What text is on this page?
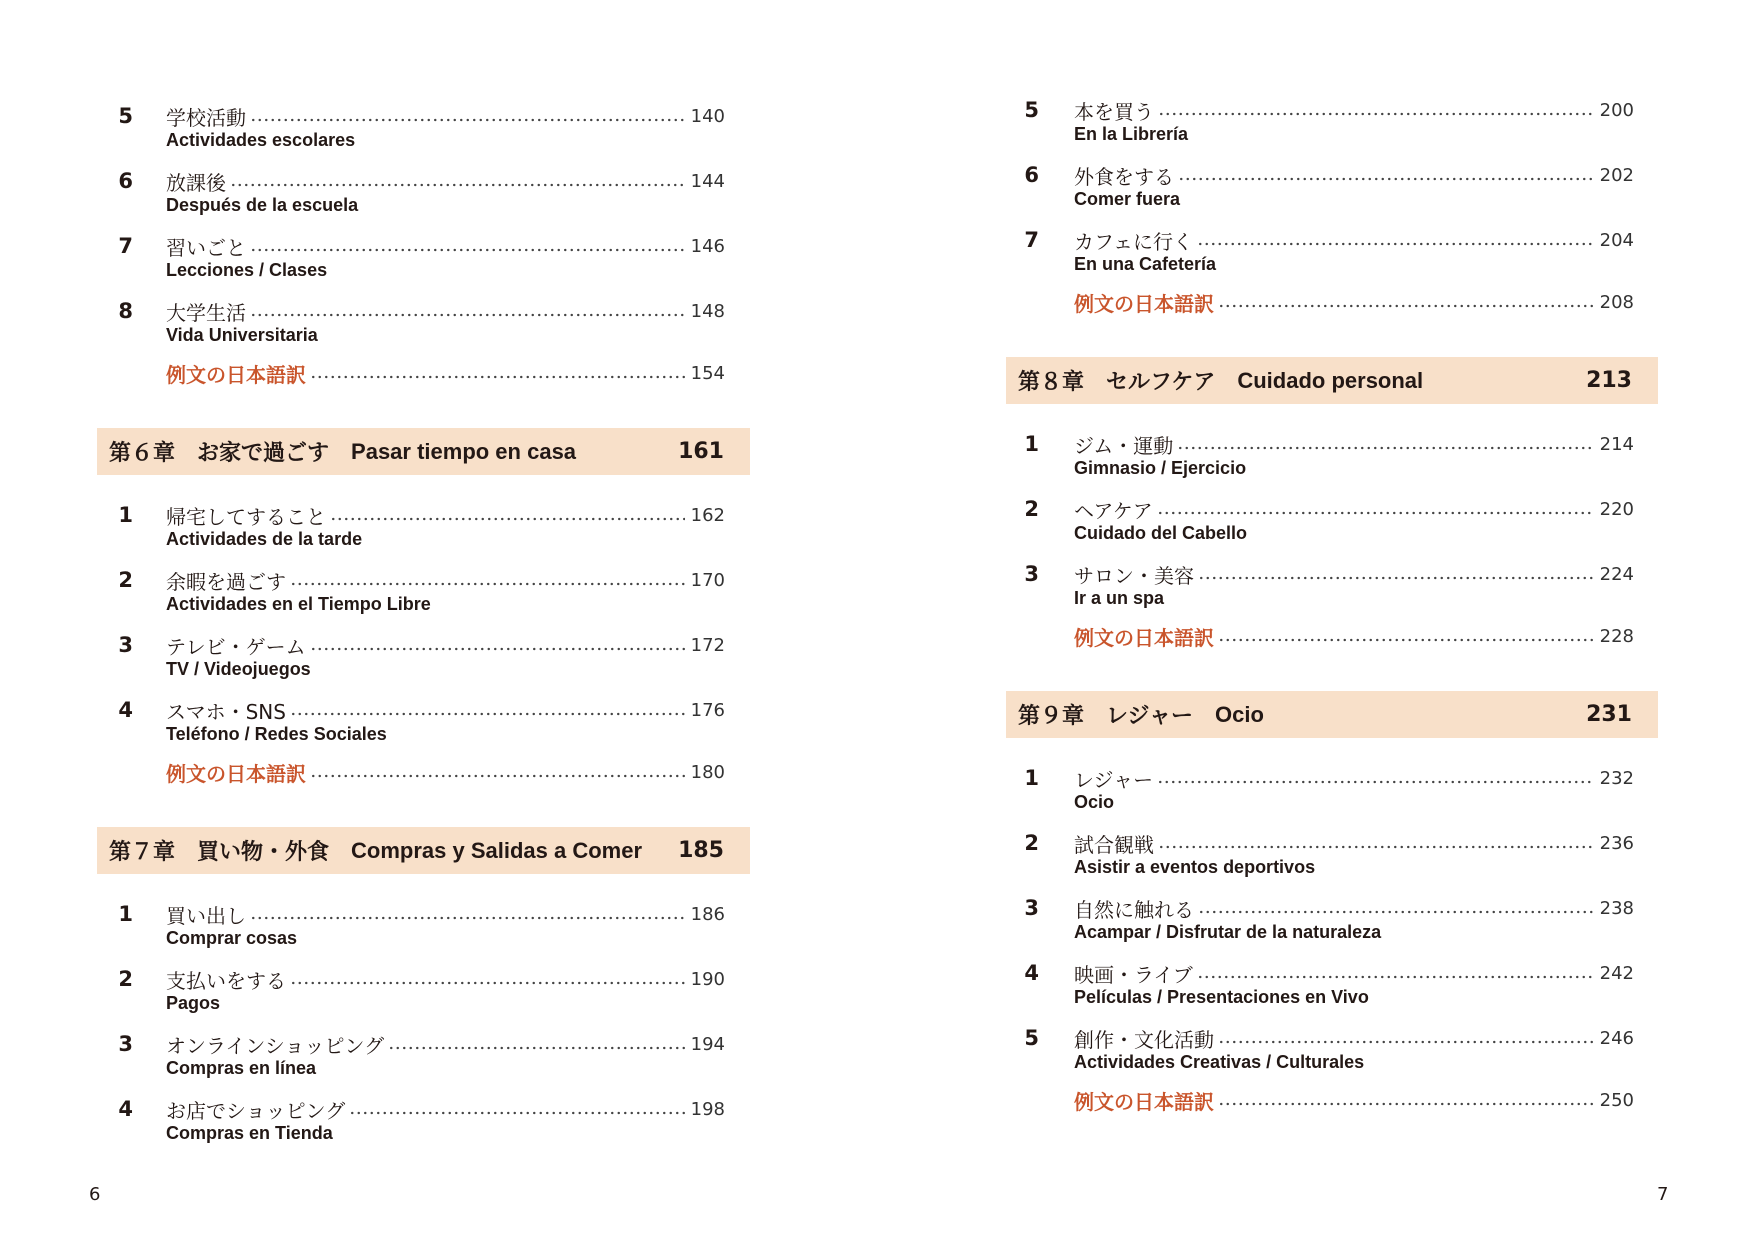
5 学校活動	140
Actividades escolares
6 放課後	144
Después de la escuela
7 習いごと	146
Lecciones / Clases
8 大学生活	148
Vida Universitaria
例文の日本語訳	154
第６章 お家で過ごす Pasar tiempo en casa	161
1 帰宅してすること	162
Actividades de la tarde
2 余暇を過ごす	170
Actividades en el Tiempo Libre
3 テレビ・ゲーム	172
TV / Videojuegos
4 スマホ・SNS	176
Teléfono / Redes Sociales
例文の日本語訳	180
第７章 買い物・外食 Compras y Salidas a Comer 185
1 買い出し	186
Comprar cosas
2 支払いをする	190
Pagos
3 オンラインショッピング	194
Compras en línea
4 お店でショッピング	198
Compras en Tienda
5 本を買う	200
En la Librería
6 外食をする	202
Comer fuera
7 カフェに行く	204
En una Cafetería
例文の日本語訳	208
第８章 セルフケア Cuidado personal	213
1 ジム・運動	214
Gimnasio / Ejercicio
2 ヘアケア	220
Cuidado del Cabello
3 サロン・美容	224
Ir a un spa
例文の日本語訳	228
第９章 レジャー Ocio	231
1 レジャー	232
Ocio
2 試合観戦	236
Asistir a eventos deportivos
3 自然に触れる	238
Acampar / Disfrutar de la naturaleza
4 映画・ライブ	242
Películas / Presentaciones en Vivo
5 創作・文化活動	246
Actividades Creativas / Culturales
例文の日本語訳	250
6	7
